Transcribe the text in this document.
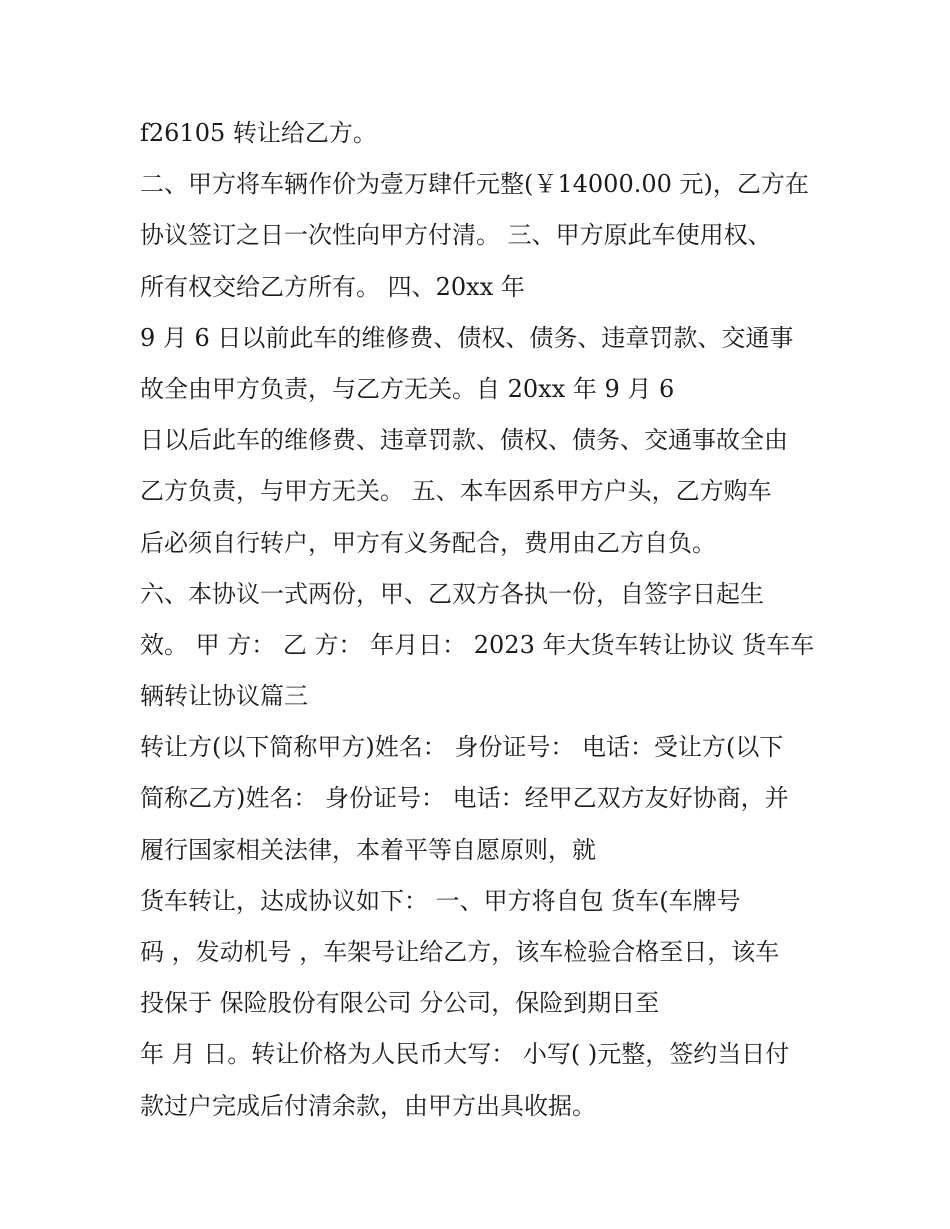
f26105 转让给乙方。
二、甲方将车辆作价为壹万肆仟元整(￥14000.00 元)，乙方在
协议签订之日一次性向甲方付清。 三、甲方原此车使用权、
所有权交给乙方所有。 四、20xx 年
9 月 6 日以前此车的维修费、债权、债务、违章罚款、交通事
故全由甲方负责，与乙方无关。自 20xx 年 9 月 6
日以后此车的维修费、违章罚款、债权、债务、交通事故全由
乙方负责，与甲方无关。 五、本车因系甲方户头，乙方购车
后必须自行转户，甲方有义务配合，费用由乙方自负。
六、本协议一式两份，甲、乙双方各执一份，自签字日起生
效。 甲 方： 乙 方： 年月日： 2023 年大货车转让协议 货车车
辆转让协议篇三
转让方(以下简称甲方)姓名： 身份证号： 电话：受让方(以下
简称乙方)姓名： 身份证号： 电话：经甲乙双方友好协商，并
履行国家相关法律，本着平等自愿原则，就
货车转让，达成协议如下： 一、甲方将自包 货车(车牌号
码 ，发动机号 ，车架号让给乙方，该车检验合格至日，该车
投保于 保险股份有限公司 分公司，保险到期日至
年 月 日。转让价格为人民币大写： 小写( )元整，签约当日付
款过户完成后付清余款，由甲方出具收据。
